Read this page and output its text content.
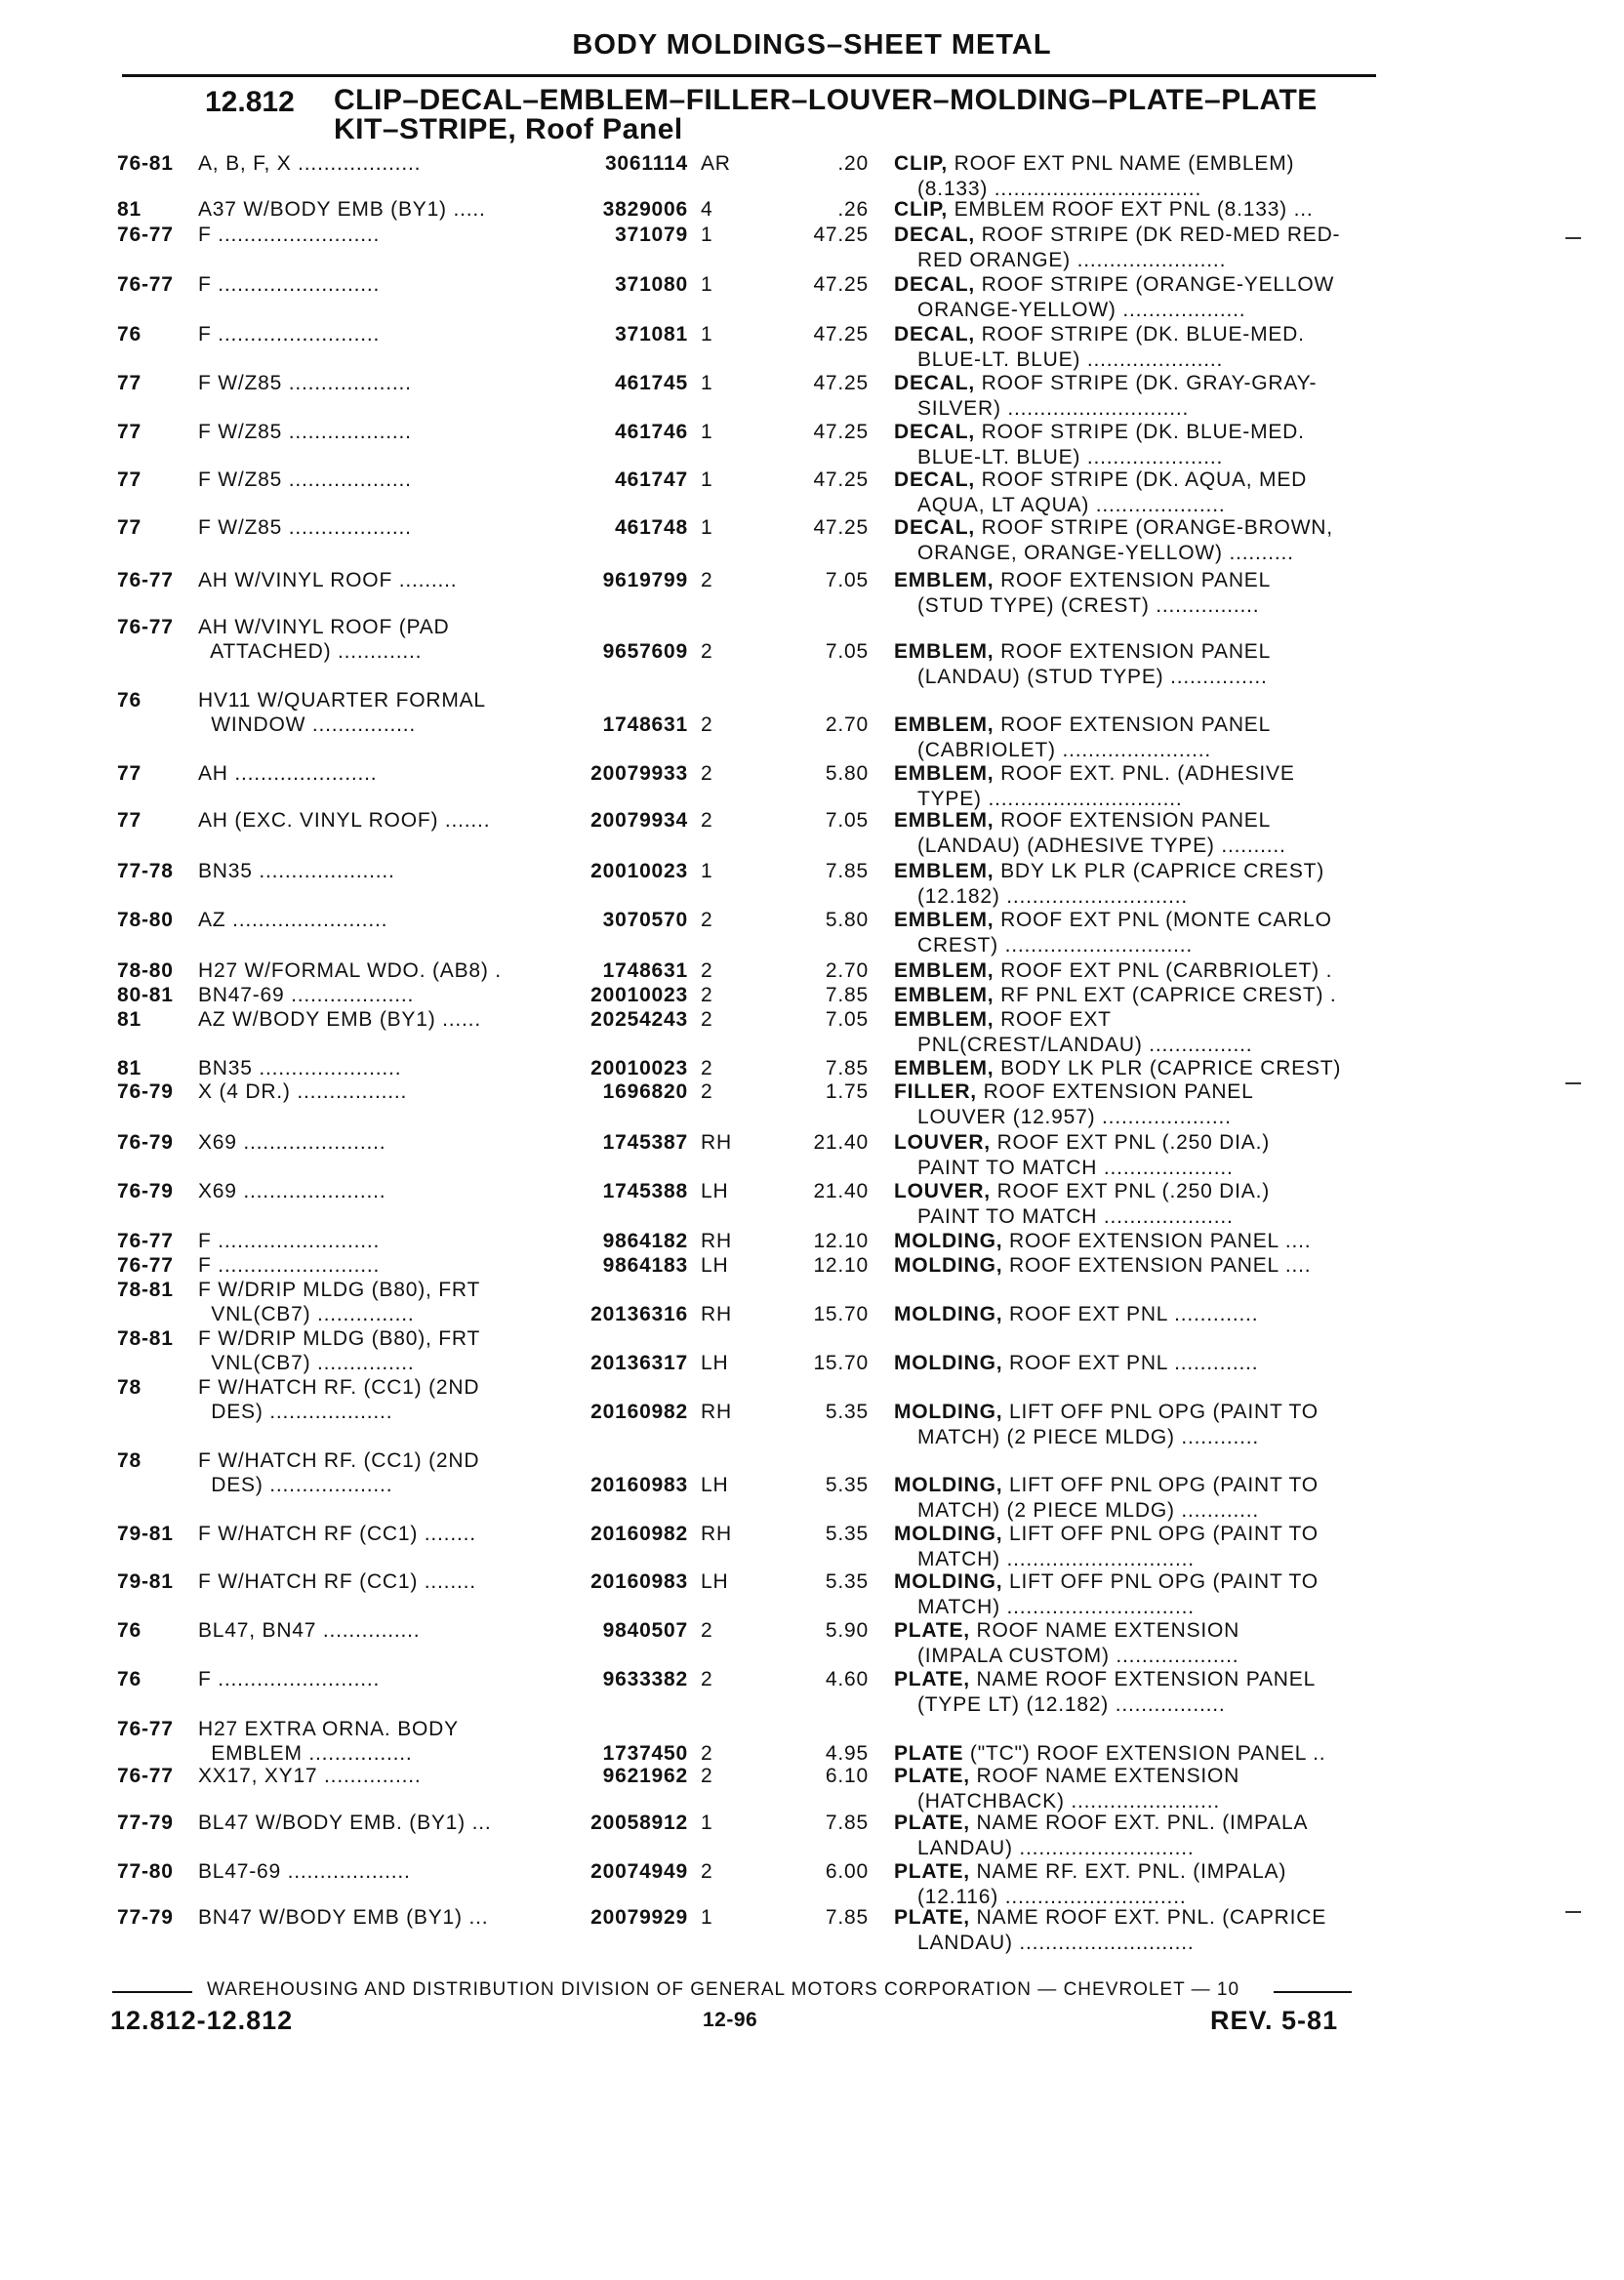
BODY MOLDINGS–SHEET METAL
12.812 CLIP–DECAL–EMBLEM–FILLER–LOUVER–MOLDING–PLATE–PLATE KIT–STRIPE, Roof Panel
76-81	A, B, F, X ...................	3061114 AR	.20 CLIP, ROOF EXT PNL NAME (EMBLEM)
(8.133) ................................
81	A37 W/BODY EMB (BY1) .....	3829006 4	.26 CLIP, EMBLEM ROOF EXT PNL (8.133) ...
76-77	F .........................	371079 1	47.25 DECAL, ROOF STRIPE (DK RED-MED RED-
RED ORANGE) .......................
76-77	F .........................	371080 1	47.25 DECAL, ROOF STRIPE (ORANGE-YELLOW
ORANGE-YELLOW) ...................
76	F .........................	371081 1	47.25 DECAL, ROOF STRIPE (DK. BLUE-MED.
BLUE-LT. BLUE) .....................
77	F W/Z85 ...................	461745 1	47.25 DECAL, ROOF STRIPE (DK. GRAY-GRAY-
SILVER) ............................
77	F W/Z85 ...................	461746 1	47.25 DECAL, ROOF STRIPE (DK. BLUE-MED.
BLUE-LT. BLUE) .....................
77	F W/Z85 ...................	461747 1	47.25 DECAL, ROOF STRIPE (DK. AQUA, MED
AQUA, LT AQUA) ....................
77	F W/Z85 ...................	461748 1	47.25 DECAL, ROOF STRIPE (ORANGE-BROWN,
ORANGE, ORANGE-YELLOW) ..........
76-77	AH W/VINYL ROOF .........	9619799 2	7.05 EMBLEM, ROOF EXTENSION PANEL
(STUD TYPE) (CREST) ................
76-77	AH W/VINYL ROOF (PAD
ATTACHED) .............	9657609 2	7.05 EMBLEM, ROOF EXTENSION PANEL
(LANDAU) (STUD TYPE) ...............
76	HV11 W/QUARTER FORMAL
WINDOW ................	1748631 2	2.70 EMBLEM, ROOF EXTENSION PANEL
(CABRIOLET) .......................
77	AH ......................	20079933 2	5.80 EMBLEM, ROOF EXT. PNL. (ADHESIVE
TYPE) ..............................
77	AH (EXC. VINYL ROOF) .......	20079934 2	7.05 EMBLEM, ROOF EXTENSION PANEL
(LANDAU) (ADHESIVE TYPE) ..........
77-78	BN35 .....................	20010023 1	7.85 EMBLEM, BDY LK PLR (CAPRICE CREST)
(12.182) ............................
78-80	AZ ........................	3070570 2	5.80 EMBLEM, ROOF EXT PNL (MONTE CARLO
CREST) .............................
78-80	H27 W/FORMAL WDO. (AB8) .	1748631 2	2.70 EMBLEM, ROOF EXT PNL (CARBRIOLET) .
80-81	BN47-69 ...................	20010023 2	7.85 EMBLEM, RF PNL EXT (CAPRICE CREST) .
81	AZ W/BODY EMB (BY1) ......	20254243 2	7.05 EMBLEM, ROOF EXT
PNL(CREST/LANDAU) ................
81	BN35 ......................	20010023 2	7.85 EMBLEM, BODY LK PLR (CAPRICE CREST)
76-79	X (4 DR.) .................	1696820 2	1.75 FILLER, ROOF EXTENSION PANEL
LOUVER (12.957) ....................
76-79	X69 ......................	1745387 RH	21.40 LOUVER, ROOF EXT PNL (.250 DIA.)
PAINT TO MATCH ....................
76-79	X69 ......................	1745388 LH	21.40 LOUVER, ROOF EXT PNL (.250 DIA.)
PAINT TO MATCH ....................
76-77	F .........................	9864182 RH	12.10 MOLDING, ROOF EXTENSION PANEL ....
76-77	F .........................	9864183 LH	12.10 MOLDING, ROOF EXTENSION PANEL ....
78-81	F W/DRIP MLDG (B80), FRT
VNL(CB7) ...............	20136316 RH	15.70 MOLDING, ROOF EXT PNL .............
78-81	F W/DRIP MLDG (B80), FRT
VNL(CB7) ...............	20136317 LH	15.70 MOLDING, ROOF EXT PNL .............
78	F W/HATCH RF. (CC1) (2ND
DES) ...................	20160982 RH	5.35 MOLDING, LIFT OFF PNL OPG (PAINT TO
MATCH) (2 PIECE MLDG) ............
78	F W/HATCH RF. (CC1) (2ND
DES) ...................	20160983 LH	5.35 MOLDING, LIFT OFF PNL OPG (PAINT TO
MATCH) (2 PIECE MLDG) ............
79-81	F W/HATCH RF (CC1) ........	20160982 RH	5.35 MOLDING, LIFT OFF PNL OPG (PAINT TO
MATCH) .............................
79-81	F W/HATCH RF (CC1) ........	20160983 LH	5.35 MOLDING, LIFT OFF PNL OPG (PAINT TO
MATCH) .............................
76	BL47, BN47 ...............	9840507 2	5.90 PLATE, ROOF NAME EXTENSION
(IMPALA CUSTOM) ...................
76	F .........................	9633382 2	4.60 PLATE, NAME ROOF EXTENSION PANEL
(TYPE LT) (12.182) .................
76-77	H27 EXTRA ORNA. BODY
EMBLEM ................	1737450 2	4.95 PLATE ("TC") ROOF EXTENSION PANEL ..
76-77	XX17, XY17 ...............	9621962 2	6.10 PLATE, ROOF NAME EXTENSION
(HATCHBACK) .......................
77-79	BL47 W/BODY EMB. (BY1) ...	20058912 1	7.85 PLATE, NAME ROOF EXT. PNL. (IMPALA
LANDAU) ...........................
77-80	BL47-69 ...................	20074949 2	6.00 PLATE, NAME RF. EXT. PNL. (IMPALA)
(12.116) ............................
77-79	BN47 W/BODY EMB (BY1) ...	20079929 1	7.85 PLATE, NAME ROOF EXT. PNL. (CAPRICE
LANDAU) ...........................
WAREHOUSING AND DISTRIBUTION DIVISION OF GENERAL MOTORS CORPORATION — CHEVROLET — 10
12.812-12.812	12-96	REV. 5-81
